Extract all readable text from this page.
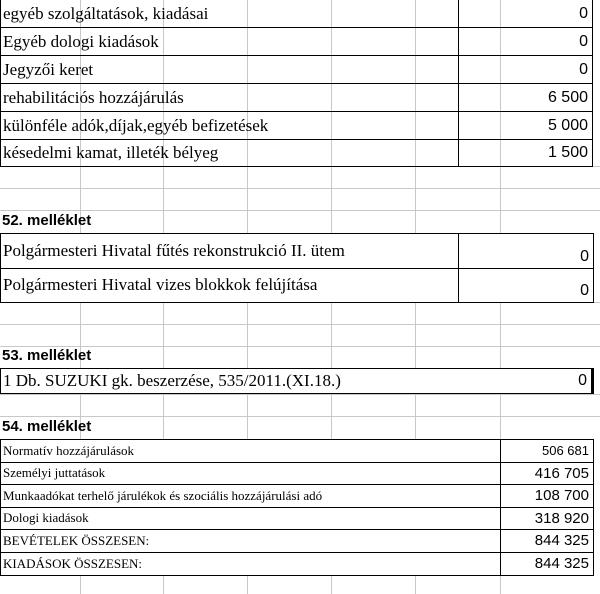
egyéb szolgáltatások, kiadásai	0
Egyéb dologi kiadások	0
Jegyzői keret	0
rehabilitációs hozzájárulás	6 500
különféle adók,díjak,egyéb befizetések	5 000
késedelmi kamat, illeték bélyeg	1 500
52. melléklet
Polgármesteri Hivatal fűtés rekonstrukció II. ütem	0
Polgármesteri Hivatal vizes blokkok felújítása	0
53. melléklet
1 Db. SUZUKI gk. beszerzése, 535/2011.(XI.18.)	0
54. melléklet
Normatív hozzájárulások	506 681
Személyi juttatások	416 705
Munkaadókat terhelő járulékok és szociális hozzájárulási adó	108 700
Dologi kiadások	318 920
BEVÉTELEK ÖSSZESEN:	844 325
KIADÁSOK ÖSSZESEN:	844 325
